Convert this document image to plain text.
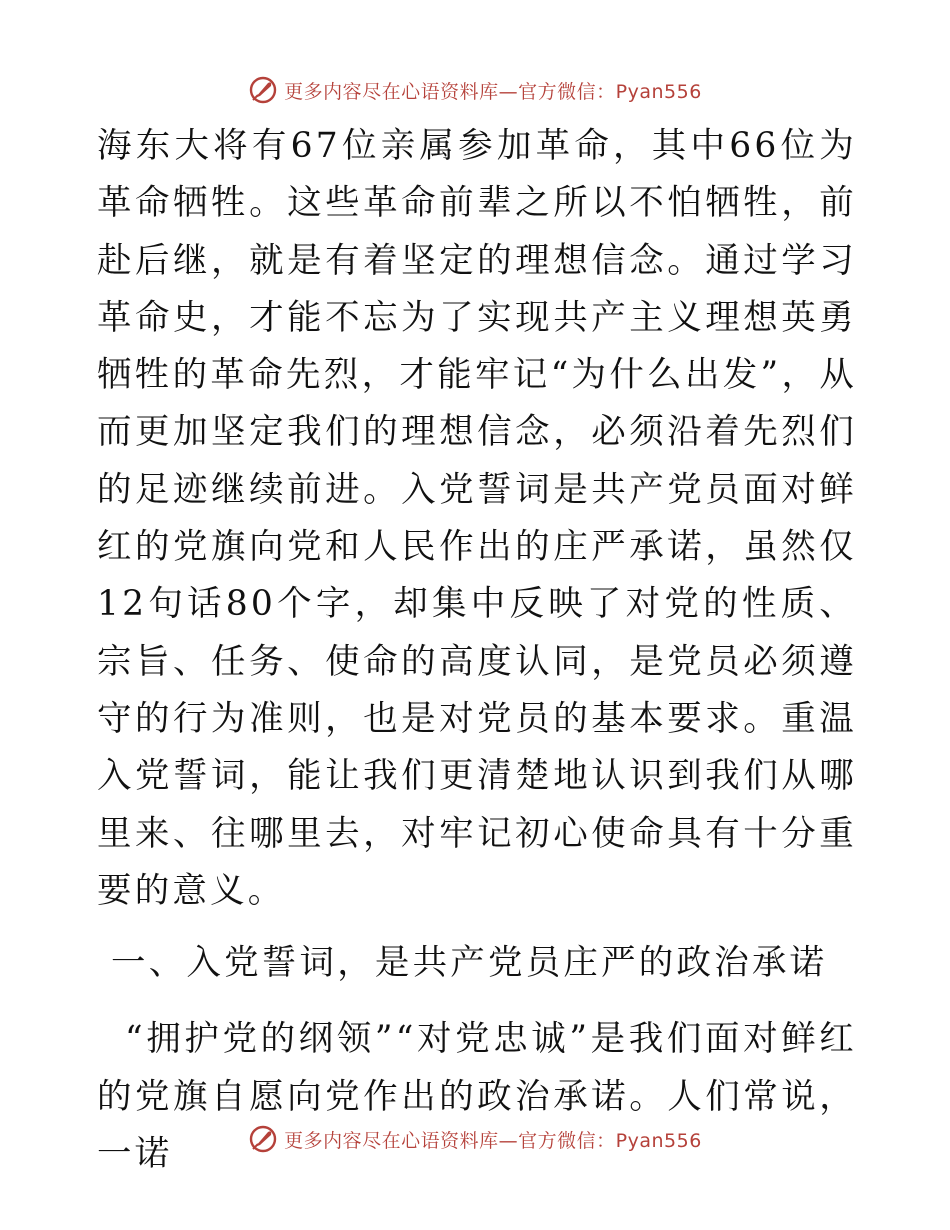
更多内容尽在心语资料库—官方微信：Pyan556

海东大将有67位亲属参加革命，其中66位为革命牺牲。这些革命前辈之所以不怕牺牲，前赴后继，就是有着坚定的理想信念。通过学习革命史，才能不忘为了实现共产主义理想英勇牺牲的革命先烈，才能牢记“为什么出发”，从而更加坚定我们的理想信念，必须沿着先烈们的足迹继续前进。入党誓词是共产党员面对鲜红的党旗向党和人民作出的庄严承诺，虽然仅12句话80个字，却集中反映了对党的性质、宗旨、任务、使命的高度认同，是党员必须遵守的行为准则，也是对党员的基本要求。重温入党誓词，能让我们更清楚地认识到我们从哪里来、往哪里去，对牢记初心使命具有十分重要的意义。

一、入党誓词，是共产党员庄严的政治承诺

“拥护党的纲领”“对党忠诚”是我们面对鲜红的党旗自愿向党作出的政治承诺。人们常说，一诺	更多内容尽在心语资料库—官方微信：Pyan556
